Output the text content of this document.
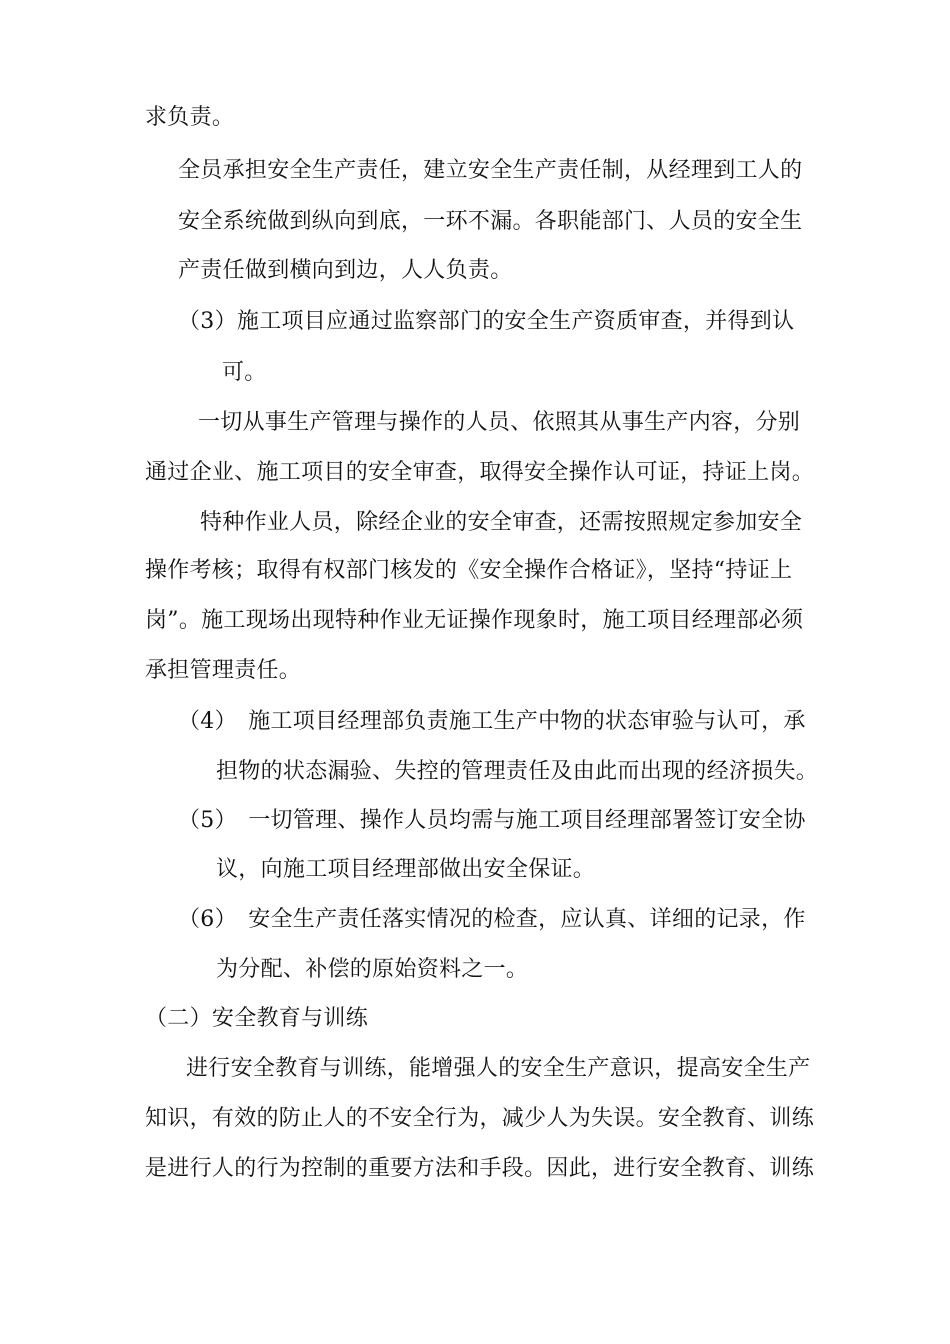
求负责。
全员承担安全生产责任，建立安全生产责任制，从经理到工人的
安全系统做到纵向到底，一环不漏。各职能部门、人员的安全生
产责任做到横向到边，人人负责。
（3）施工项目应通过监察部门的安全生产资质审查，并得到认
可。
一切从事生产管理与操作的人员、依照其从事生产内容，分别
通过企业、施工项目的安全审查，取得安全操作认可证，持证上岗。
特种作业人员，除经企业的安全审查，还需按照规定参加安全
操作考核；取得有权部门核发的《安全操作合格证》，坚持“持证上
岗”。施工现场出现特种作业无证操作现象时，施工项目经理部必须
承担管理责任。
（4）　施工项目经理部负责施工生产中物的状态审验与认可，承
担物的状态漏验、失控的管理责任及由此而出现的经济损失。
（5）　一切管理、操作人员均需与施工项目经理部署签订安全协
议，向施工项目经理部做出安全保证。
（6）　安全生产责任落实情况的检查，应认真、详细的记录，作
为分配、补偿的原始资料之一。
（二）安全教育与训练
进行安全教育与训练，能增强人的安全生产意识，提高安全生产
知识，有效的防止人的不安全行为，减少人为失误。安全教育、训练
是进行人的行为控制的重要方法和手段。因此，进行安全教育、训练
